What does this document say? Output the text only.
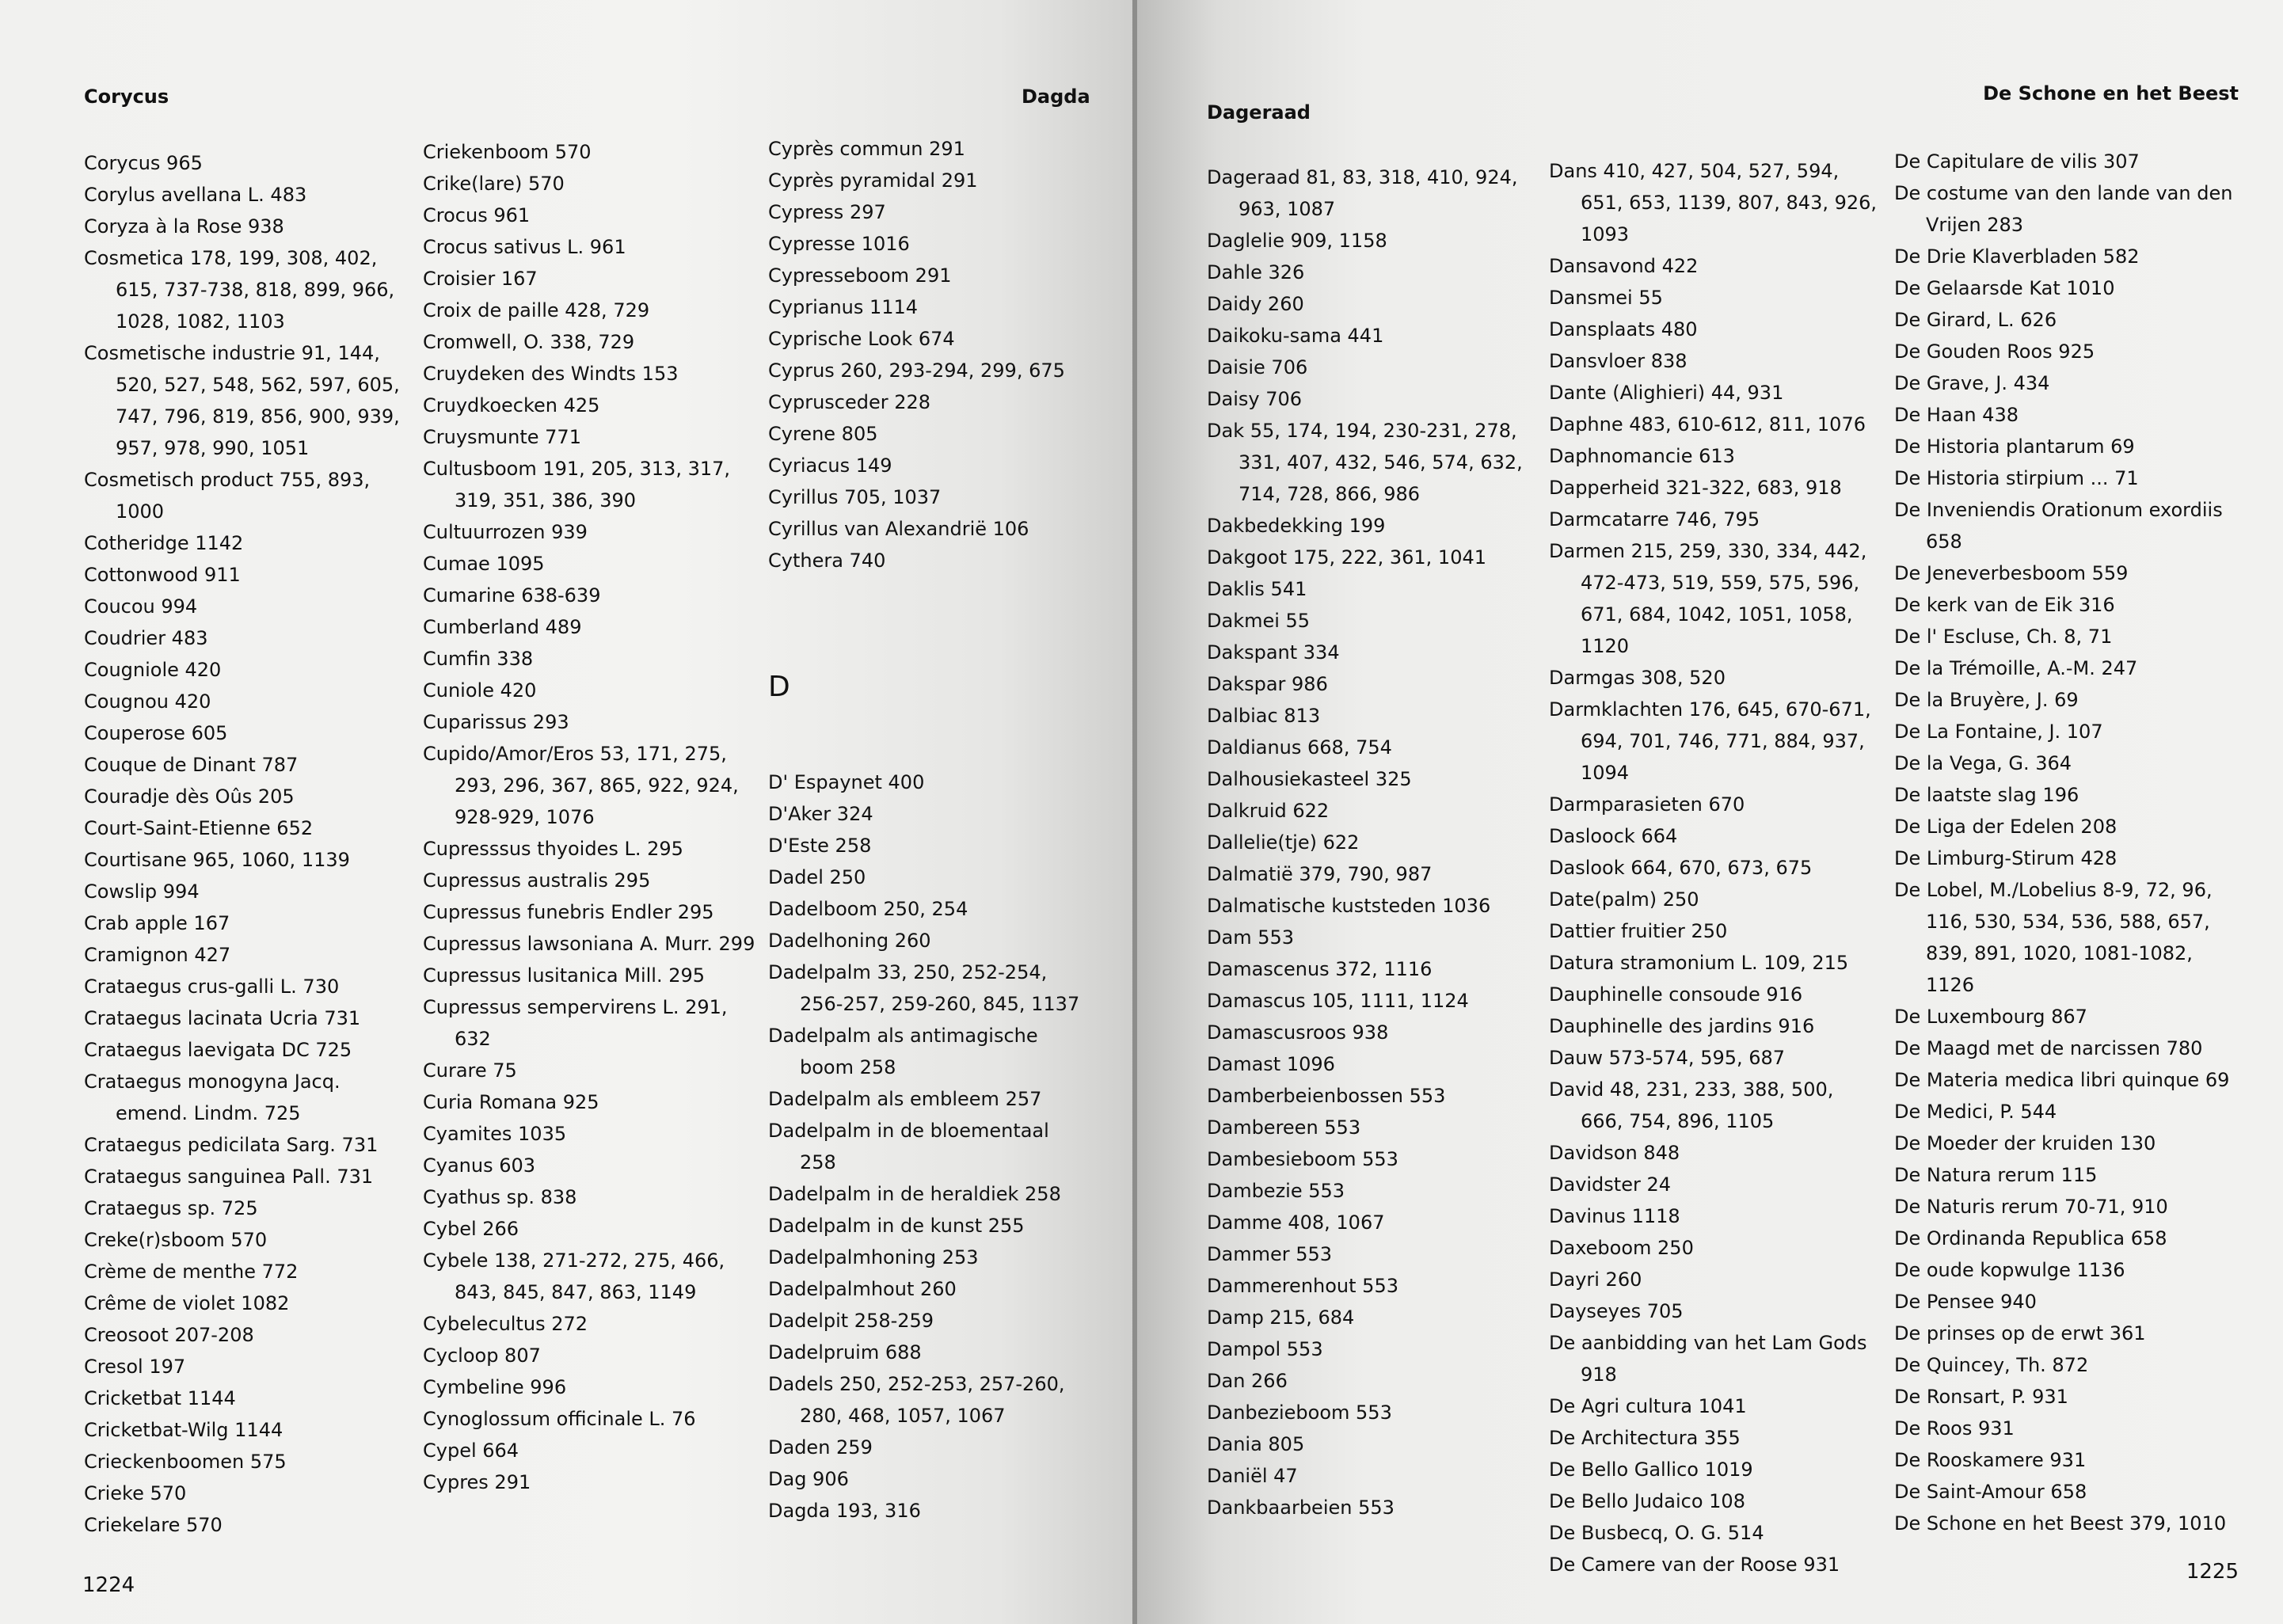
Corycus	Dagda
Corycus 965
Corylus avellana L. 483
Coryza à la Rose 938
Cosmetica 178, 199, 308, 402, 615, 737-738, 818, 899, 966, 1028, 1082, 1103
Cosmetische industrie 91, 144, 520, 527, 548, 562, 597, 605, 747, 796, 819, 856, 900, 939, 957, 978, 990, 1051
Cosmetisch product 755, 893, 1000
Cotheridge 1142
Cottonwood 911
Coucou 994
Coudrier 483
Cougniole 420
Cougnou 420
Couperose 605
Couque de Dinant 787
Couradje dès Oûs 205
Court-Saint-Etienne 652
Courtisane 965, 1060, 1139
Cowslip 994
Crab apple 167
Cramignon 427
Crataegus crus-galli L. 730
Crataegus lacinata Ucria 731
Crataegus laevigata DC 725
Crataegus monogyna Jacq. emend. Lindm. 725
Crataegus pedicilata Sarg. 731
Crataegus sanguinea Pall. 731
Crataegus sp. 725
Creke(r)sboom 570
Crème de menthe 772
Crême de violet 1082
Creosoot 207-208
Cresol 197
Cricketbat 1144
Cricketbat-Wilg 1144
Crieckenboomen 575
Crieke 570
Criekelare 570
Criekenboom 570
Crike(lare) 570
Crocus 961
Crocus sativus L. 961
Croisier 167
Croix de paille 428, 729
Cromwell, O. 338, 729
Cruydeken des Windts 153
Cruydkoecken 425
Cruysmunte 771
Cultusboom 191, 205, 313, 317, 319, 351, 386, 390
Cultuurrozen 939
Cumae 1095
Cumarine 638-639
Cumberland 489
Cumfin 338
Cuniole 420
Cuparissus 293
Cupido/Amor/Eros 53, 171, 275, 293, 296, 367, 865, 922, 924, 928-929, 1076
Cupresssus thyoides L. 295
Cupressus australis 295
Cupressus funebris Endler 295
Cupressus lawsoniana A. Murr. 299
Cupressus lusitanica Mill. 295
Cupressus sempervirens L. 291, 632
Curare 75
Curia Romana 925
Cyamites 1035
Cyanus 603
Cyathus sp. 838
Cybel 266
Cybele 138, 271-272, 275, 466, 843, 845, 847, 863, 1149
Cybelecultus 272
Cycloop 807
Cymbeline 996
Cynoglossum officinale L. 76
Cypel 664
Cypres 291
Cyprès commun 291
Cyprès pyramidal 291
Cypress 297
Cypresse 1016
Cypresseboom 291
Cyprianus 1114
Cyprische Look 674
Cyprus 260, 293-294, 299, 675
Cyprusceder 228
Cyrene 805
Cyriacus 149
Cyrillus 705, 1037
Cyrillus van Alexandrië 106
Cythera 740
D
D' Espaynet 400
D'Aker 324
D'Este 258
Dadel 250
Dadelboom 250, 254
Dadelhoning 260
Dadelpalm 33, 250, 252-254, 256-257, 259-260, 845, 1137
Dadelpalm als antimagische boom 258
Dadelpalm als embleem 257
Dadelpalm in de bloementaal 258
Dadelpalm in de heraldiek 258
Dadelpalm in de kunst 255
Dadelpalmhoning 253
Dadelpalmhout 260
Dadelpit 258-259
Dadelpruim 688
Dadels 250, 252-253, 257-260, 280, 468, 1057, 1067
Daden 259
Dag 906
Dagda 193, 316
1224
Dageraad
De Schone en het Beest
Dageraad 81, 83, 318, 410, 924, 963, 1087
Daglelie 909, 1158
Dahle 326
Daidy 260
Daikoku-sama 441
Daisie 706
Daisy 706
Dak 55, 174, 194, 230-231, 278, 331, 407, 432, 546, 574, 632, 714, 728, 866, 986
Dakbedekking 199
Dakgoot 175, 222, 361, 1041
Daklis 541
Dakmei 55
Dakspant 334
Dakspar 986
Dalbiac 813
Daldianus 668, 754
Dalhousiekasteel 325
Dalkruid 622
Dallelie(tje) 622
Dalmatië 379, 790, 987
Dalmatische kuststeden 1036
Dam 553
Damascenus 372, 1116
Damascus 105, 1111, 1124
Damascusroos 938
Damast 1096
Damberbeienbossen 553
Dambereen 553
Dambesieboom 553
Dambezie 553
Damme 408, 1067
Dammer 553
Dammerenhout 553
Damp 215, 684
Dampol 553
Dan 266
Danbezieboom 553
Dania 805
Daniël 47
Dankbaarbeien 553
Dans 410, 427, 504, 527, 594, 651, 653, 1139, 807, 843, 926, 1093
Dansavond 422
Dansmei 55
Dansplaats 480
Dansvloer 838
Dante (Alighieri) 44, 931
Daphne 483, 610-612, 811, 1076
Daphnomancie 613
Dapperheid 321-322, 683, 918
Darmcatarre 746, 795
Darmen 215, 259, 330, 334, 442, 472-473, 519, 559, 575, 596, 671, 684, 1042, 1051, 1058, 1120
Darmgas 308, 520
Darmklachten 176, 645, 670-671, 694, 701, 746, 771, 884, 937, 1094
Darmparasieten 670
Dasloock 664
Daslook 664, 670, 673, 675
Date(palm) 250
Dattier fruitier 250
Datura stramonium L. 109, 215
Dauphinelle consoude 916
Dauphinelle des jardins 916
Dauw 573-574, 595, 687
David 48, 231, 233, 388, 500, 666, 754, 896, 1105
Davidson 848
Davidster 24
Davinus 1118
Daxeboom 250
Dayri 260
Dayseyes 705
De aanbidding van het Lam Gods 918
De Agri cultura 1041
De Architectura 355
De Bello Gallico 1019
De Bello Judaico 108
De Busbecq, O. G. 514
De Camere van der Roose 931
De Capitulare de vilis 307
De costume van den lande van den Vrijen 283
De Drie Klaverbladen 582
De Gelaarsde Kat 1010
De Girard, L. 626
De Gouden Roos 925
De Grave, J. 434
De Haan 438
De Historia plantarum 69
De Historia stirpium ... 71
De Inveniendis Orationum exordiis 658
De Jeneverbesboom 559
De kerk van de Eik 316
De l' Escluse, Ch. 8, 71
De la Trémoille, A.-M. 247
De la Bruyère, J. 69
De La Fontaine, J. 107
De la Vega, G. 364
De laatste slag 196
De Liga der Edelen 208
De Limburg-Stirum 428
De Lobel, M./Lobelius 8-9, 72, 96, 116, 530, 534, 536, 588, 657, 839, 891, 1020, 1081-1082, 1126
De Luxembourg 867
De Maagd met de narcissen 780
De Materia medica libri quinque 69
De Medici, P. 544
De Moeder der kruiden 130
De Natura rerum 115
De Naturis rerum 70-71, 910
De Ordinanda Republica 658
De oude kopwulge 1136
De Pensee 940
De prinses op de erwt 361
De Quincey, Th. 872
De Ronsart, P. 931
De Roos 931
De Rooskamere 931
De Saint-Amour 658
De Schone en het Beest 379, 1010
1225
